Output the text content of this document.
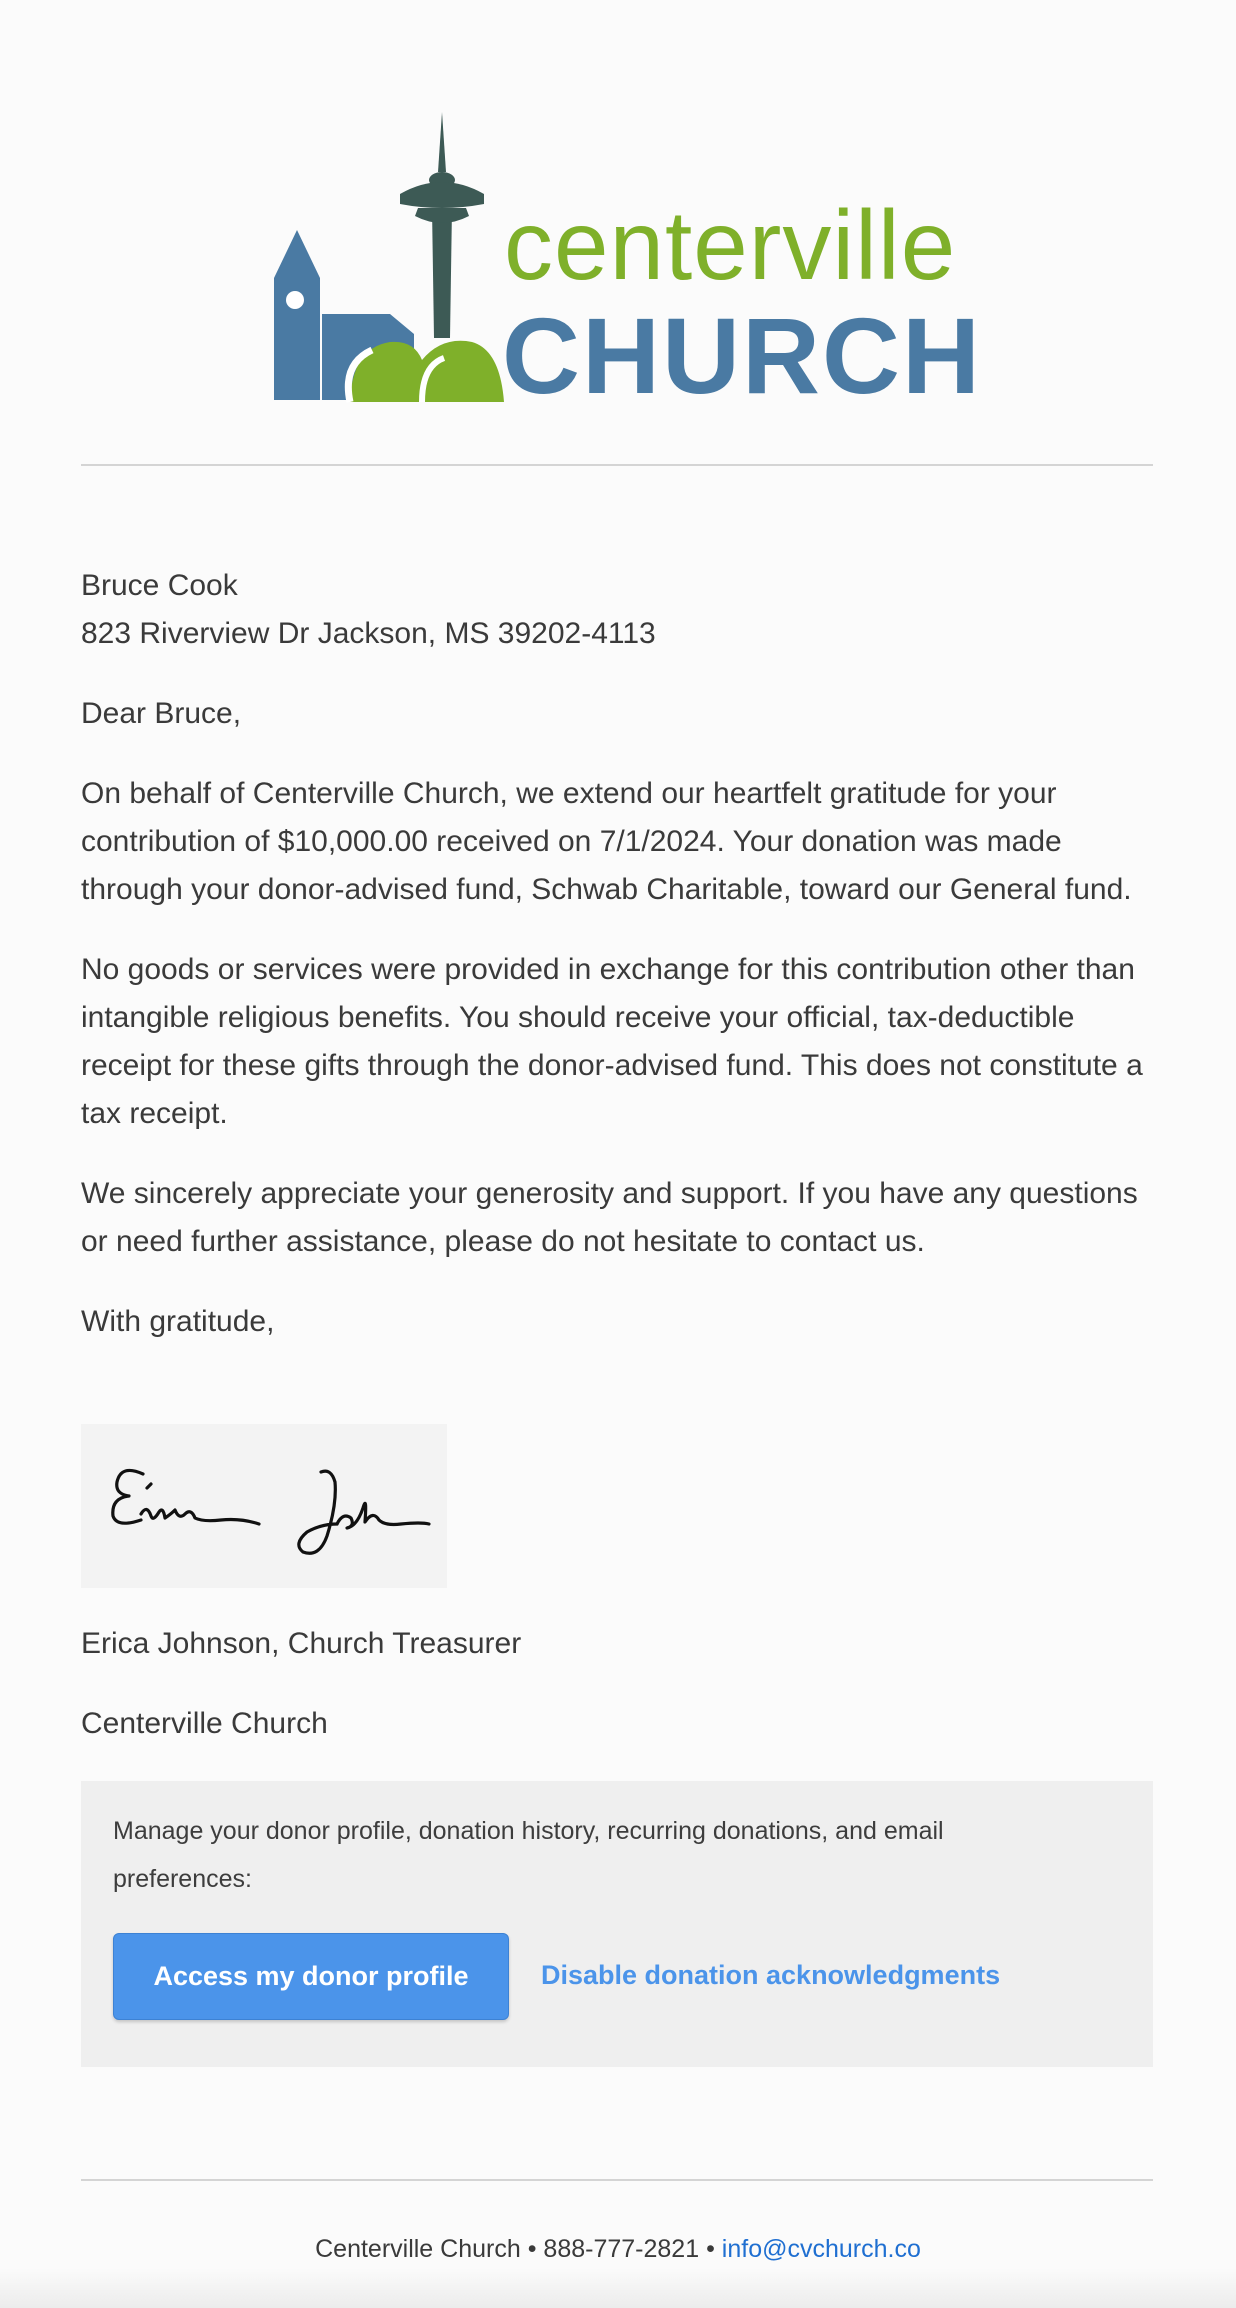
centerville
CHURCH

Bruce Cook
823 Riverview Dr Jackson, MS 39202-4113

Dear Bruce,

On behalf of Centerville Church, we extend our heartfelt gratitude for your contribution of $10,000.00 received on 7/1/2024. Your donation was made through your donor-advised fund, Schwab Charitable, toward our General fund.

No goods or services were provided in exchange for this contribution other than intangible religious benefits. You should receive your official, tax-deductible receipt for these gifts through the donor-advised fund. This does not constitute a tax receipt.

We sincerely appreciate your generosity and support. If you have any questions or need further assistance, please do not hesitate to contact us.

With gratitude,

Erica Johnson, Church Treasurer

Centerville Church

Manage your donor profile, donation history, recurring donations, and email preferences:
Access my donor profile	Disable donation acknowledgments
Centerville Church • 888-777-2821 • info@cvchurch.co
